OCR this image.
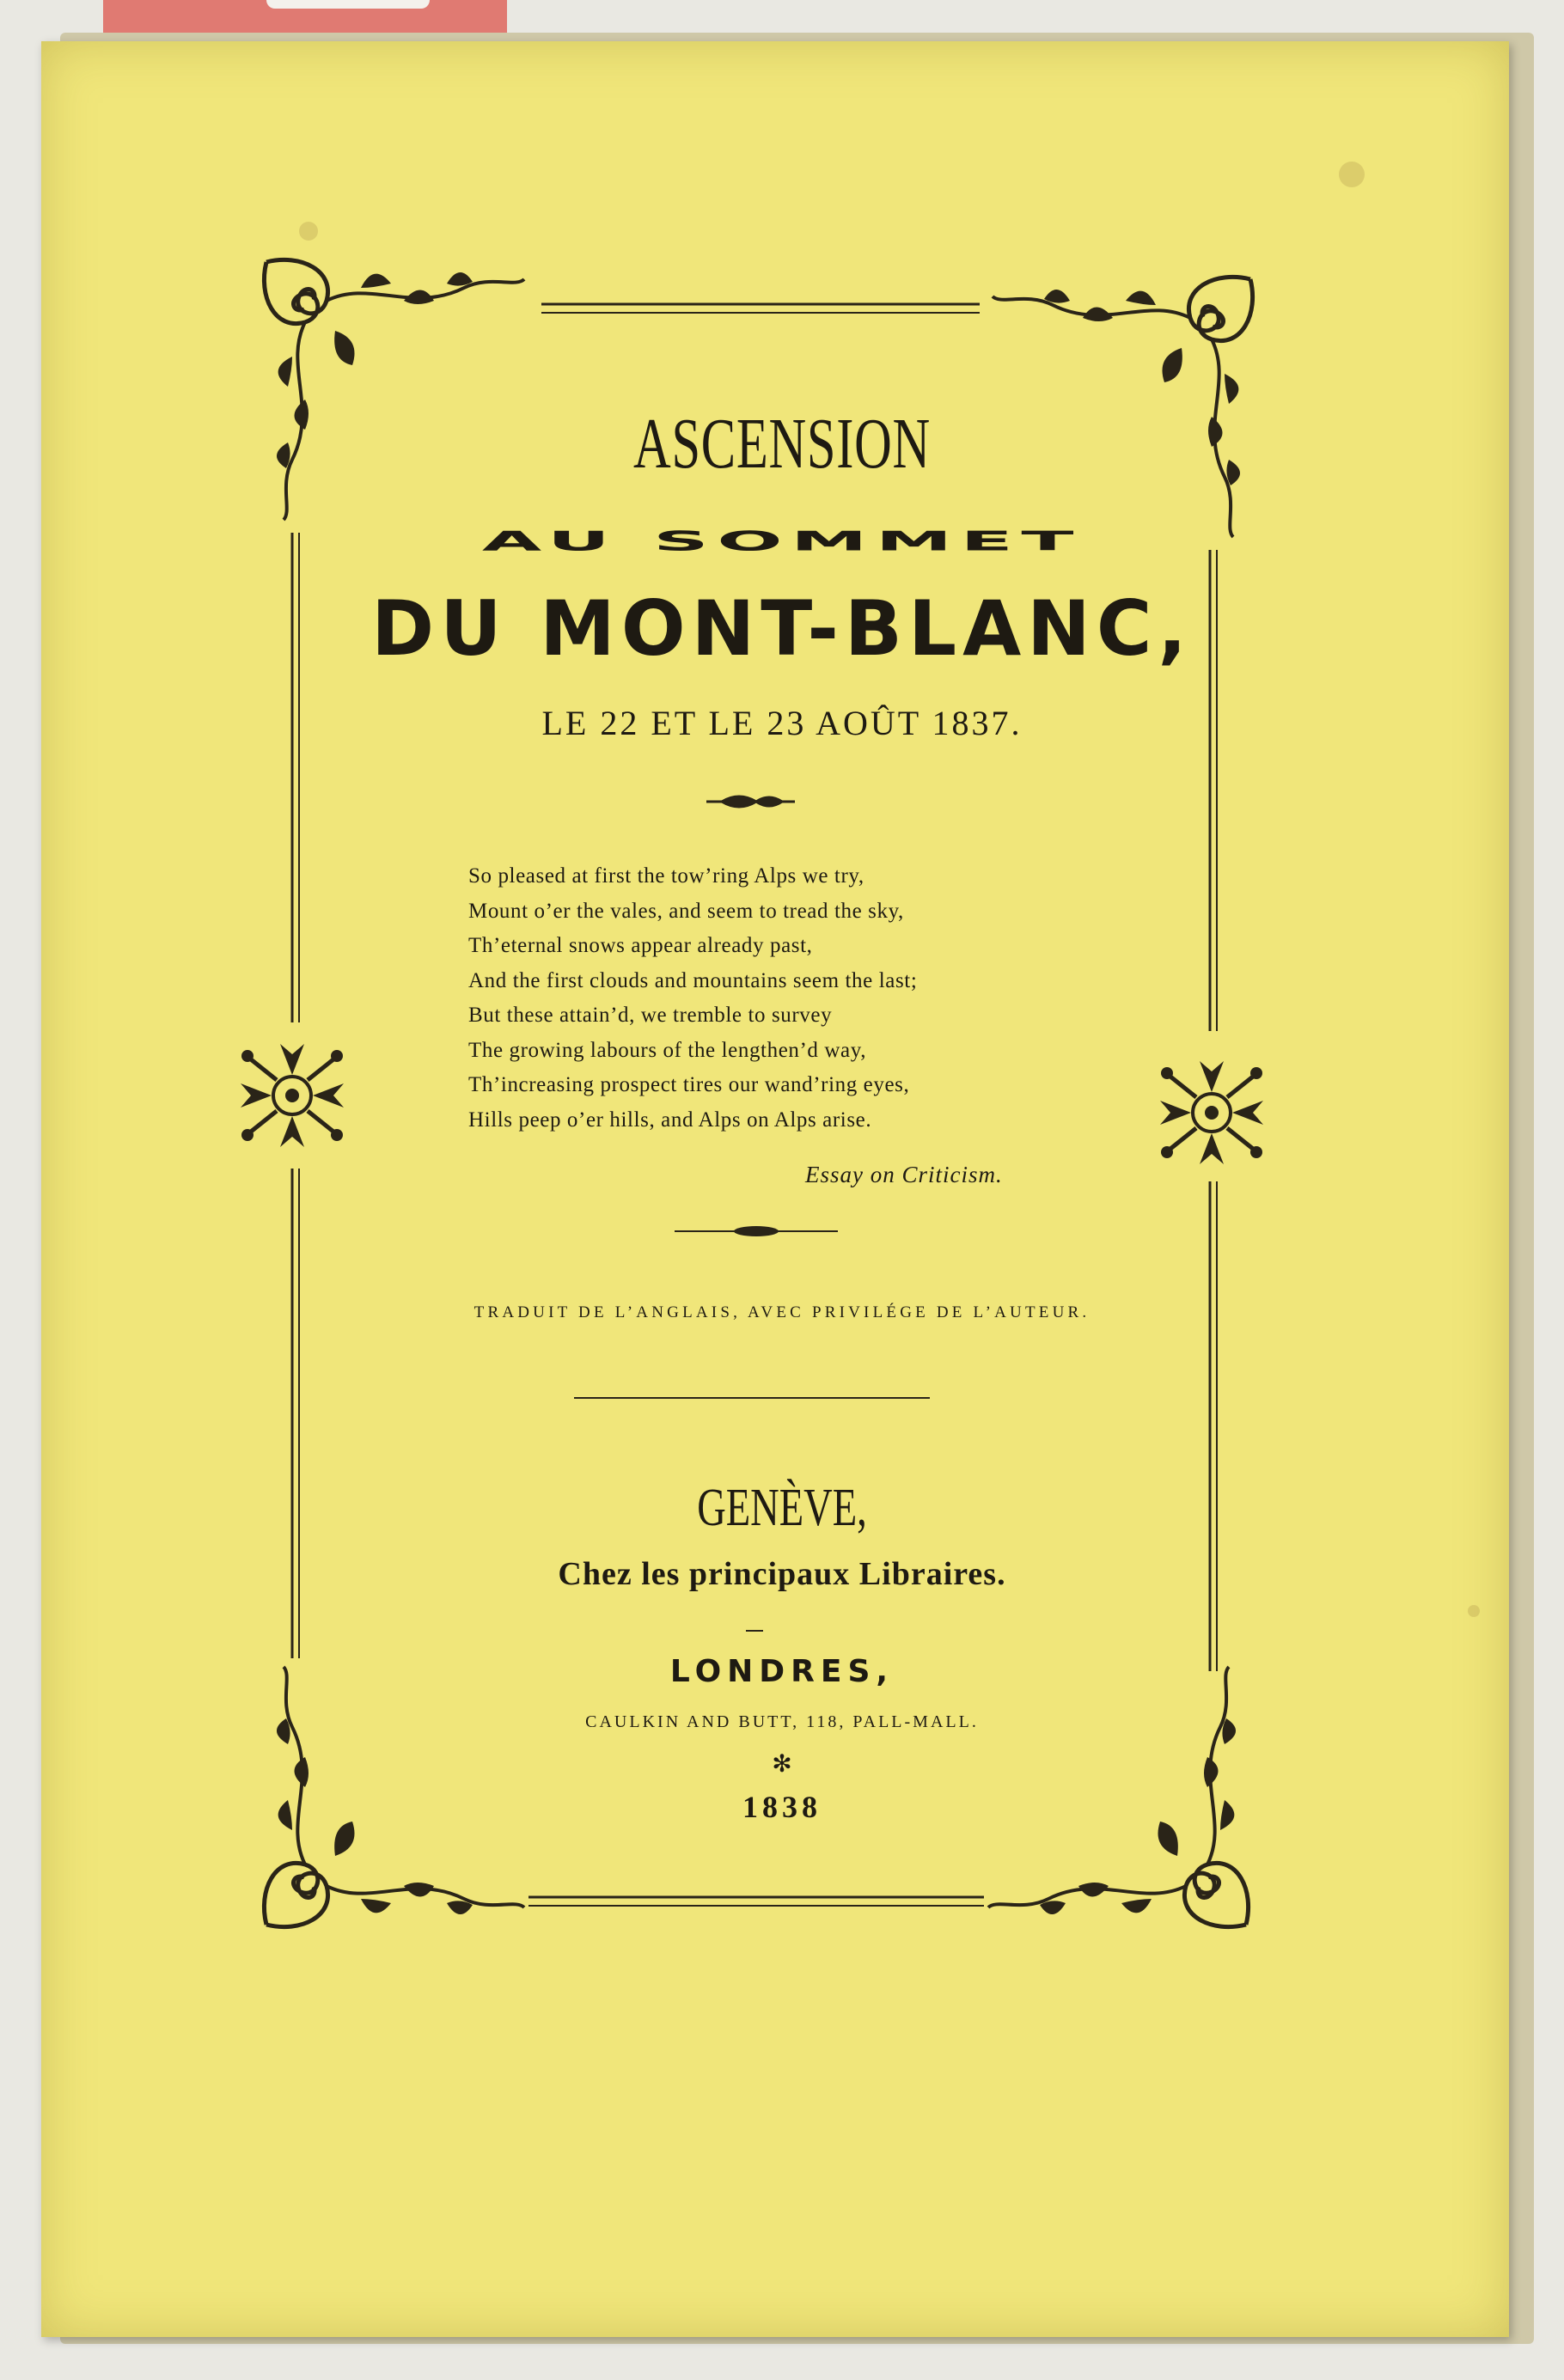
ASCENSION

AU SOMMET

DU MONT-BLANC,

LE 22 ET LE 23 AOÛT 1837.

So pleased at first the tow’ring Alps we try,
Mount o’er the vales, and seem to tread the sky,
Th’eternal snows appear already past,
And the first clouds and mountains seem the last;
But these attain’d, we tremble to survey
The growing labours of the lengthen’d way,
Th’increasing prospect tires our wand’ring eyes,
Hills peep o’er hills, and Alps on Alps arise.
Essay on Criticism.

TRADUIT DE L’ANGLAIS, AVEC PRIVILÉGE DE L’AUTEUR.

GENÈVE,

Chez les principaux Libraires.

LONDRES,

CAULKIN AND BUTT, 118, PALL-MALL.

✻

1838
